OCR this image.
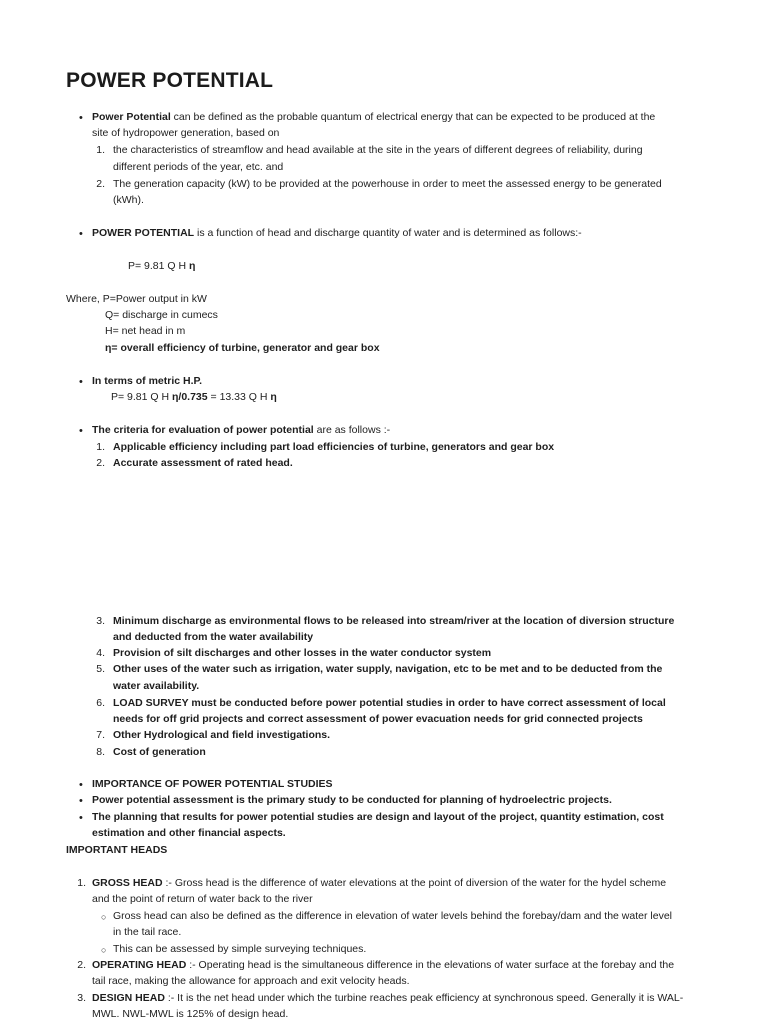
POWER POTENTIAL
• Power Potential can be defined as the probable quantum of electrical energy that can be expected to be produced at the
site of hydropower generation, based on
1. the characteristics of streamflow and head available at the site in the years of different degrees of reliability, during
different periods of the year, etc. and
2. The generation capacity (kW) to be provided at the powerhouse in order to meet the assessed energy to be generated
(kWh).
• POWER POTENTIAL is a function of head and discharge quantity of water and is determined as follows:-
P= 9.81 Q H η
Where, P=Power output in kW
Q= discharge in cumecs
H= net head in m
η= overall efficiency of turbine, generator and gear box
• In terms of metric H.P.
P= 9.81 Q H η/0.735 = 13.33 Q H η
• The criteria for evaluation of power potential are as follows :-
1. Applicable efficiency including part load efficiencies of turbine, generators and gear box
2. Accurate assessment of rated head.
3. Minimum discharge as environmental flows to be released into stream/river at the location of diversion structure
and deducted from the water availability
4. Provision of silt discharges and other losses in the water conductor system
5. Other uses of the water such as irrigation, water supply, navigation, etc to be met and to be deducted from the
water availability.
6. LOAD SURVEY must be conducted before power potential studies in order to have correct assessment of local
needs for off grid projects and correct assessment of power evacuation needs for grid connected projects
7. Other Hydrological and field investigations.
8. Cost of generation
• IMPORTANCE OF POWER POTENTIAL STUDIES
• Power potential assessment is the primary study to be conducted for planning of hydroelectric projects.
• The planning that results for power potential studies are design and layout of the project, quantity estimation, cost
estimation and other financial aspects.
IMPORTANT HEADS
1. GROSS HEAD :- Gross head is the difference of water elevations at the point of diversion of the water for the hydel scheme
and the point of return of water back to the river
○ Gross head can also be defined as the difference in elevation of water levels behind the forebay/dam and the water level
in the tail race.
○ This can be assessed by simple surveying techniques.
2. OPERATING HEAD :- Operating head is the simultaneous difference in the elevations of water surface at the forebay and the
tail race, making the allowance for approach and exit velocity heads.
3. DESIGN HEAD :- It is the net head under which the turbine reaches peak efficiency at synchronous speed. Generally it is WAL-
MWL. NWL-MWL is 125% of design head.
